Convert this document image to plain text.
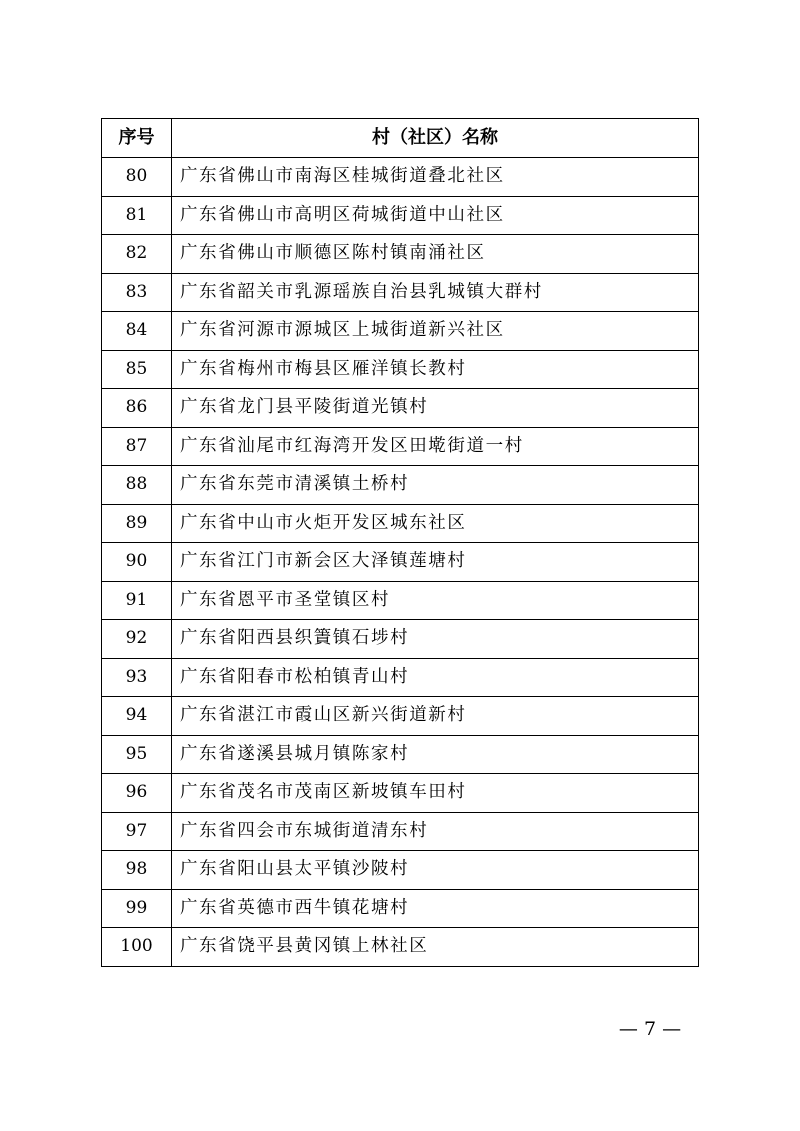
序号	村（社区）名称
80	广东省佛山市南海区桂城街道叠北社区
81	广东省佛山市高明区荷城街道中山社区
82	广东省佛山市顺德区陈村镇南涌社区
83	广东省韶关市乳源瑶族自治县乳城镇大群村
84	广东省河源市源城区上城街道新兴社区
85	广东省梅州市梅县区雁洋镇长教村
86	广东省龙门县平陵街道光镇村
87	广东省汕尾市红海湾开发区田墘街道一村
88	广东省东莞市清溪镇土桥村
89	广东省中山市火炬开发区城东社区
90	广东省江门市新会区大泽镇莲塘村
91	广东省恩平市圣堂镇区村
92	广东省阳西县织簀镇石埗村
93	广东省阳春市松柏镇青山村
94	广东省湛江市霞山区新兴街道新村
95	广东省遂溪县城月镇陈家村
96	广东省茂名市茂南区新坡镇车田村
97	广东省四会市东城街道清东村
98	广东省阳山县太平镇沙陂村
99	广东省英德市西牛镇花塘村
100	广东省饶平县黄冈镇上林社区
— 7 —
